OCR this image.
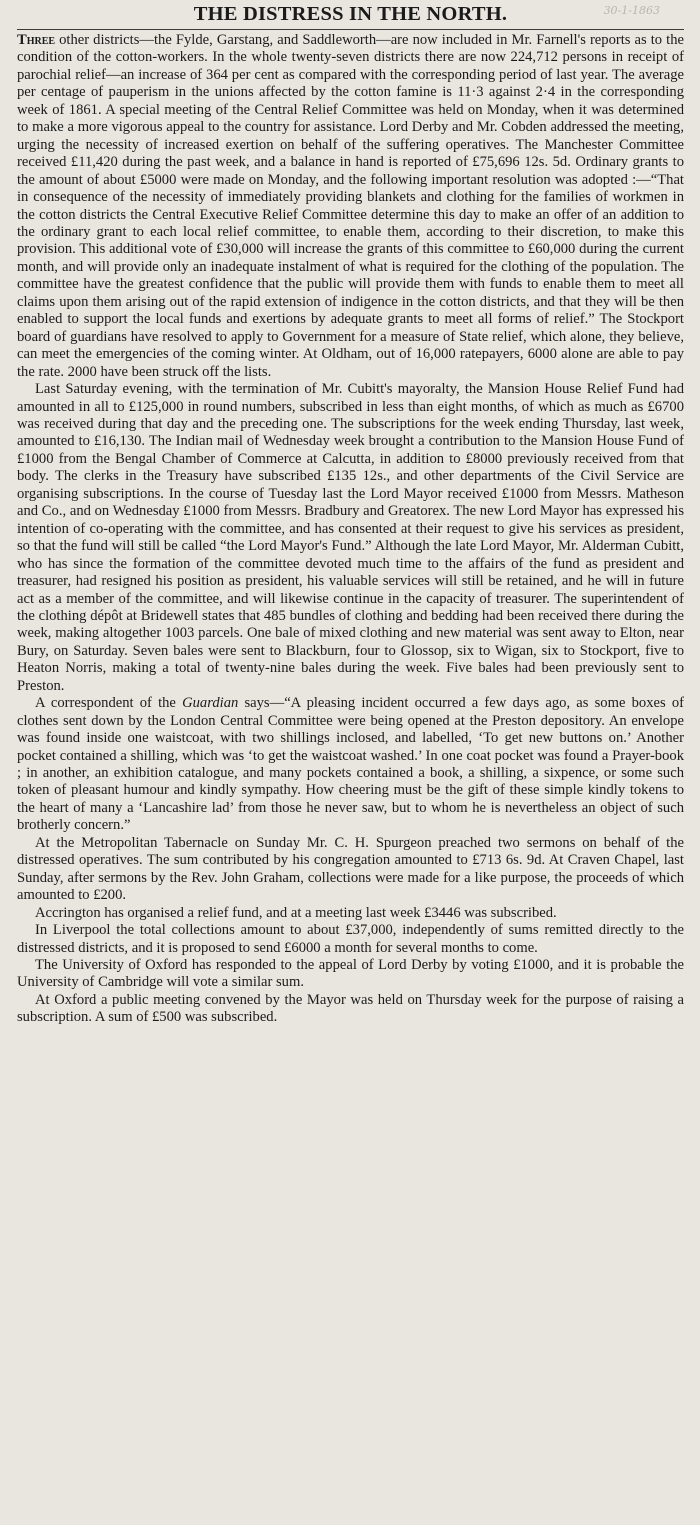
30-1-1863
THE DISTRESS IN THE NORTH.

Three other districts—the Fylde, Garstang, and Saddleworth—are now included in Mr. Farnell's reports as to the condition of the cotton-workers. In the whole twenty-seven districts there are now 224,712 persons in receipt of parochial relief—an increase of 364 per cent as compared with the corresponding period of last year. The average per centage of pauperism in the unions affected by the cotton famine is 11·3 against 2·4 in the corresponding week of 1861. A special meeting of the Central Relief Committee was held on Monday, when it was determined to make a more vigorous appeal to the country for assistance. Lord Derby and Mr. Cobden addressed the meeting, urging the necessity of increased exertion on behalf of the suffering operatives. The Manchester Committee received £11,420 during the past week, and a balance in hand is reported of £75,696 12s. 5d. Ordinary grants to the amount of about £5000 were made on Monday, and the following important resolution was adopted :—“That in consequence of the necessity of immediately providing blankets and clothing for the families of workmen in the cotton districts the Central Executive Relief Committee determine this day to make an offer of an addition to the ordinary grant to each local relief committee, to enable them, according to their discretion, to make this provision. This additional vote of £30,000 will increase the grants of this committee to £60,000 during the current month, and will provide only an inadequate instalment of what is required for the clothing of the population. The committee have the greatest confidence that the public will provide them with funds to enable them to meet all claims upon them arising out of the rapid extension of indigence in the cotton districts, and that they will be then enabled to support the local funds and exertions by adequate grants to meet all forms of relief.” The Stockport board of guardians have resolved to apply to Government for a measure of State relief, which alone, they believe, can meet the emergencies of the coming winter. At Oldham, out of 16,000 ratepayers, 6000 alone are able to pay the rate. 2000 have been struck off the lists.

Last Saturday evening, with the termination of Mr. Cubitt's mayoralty, the Mansion House Relief Fund had amounted in all to £125,000 in round numbers, subscribed in less than eight months, of which as much as £6700 was received during that day and the preceding one. The subscriptions for the week ending Thursday, last week, amounted to £16,130. The Indian mail of Wednesday week brought a contribution to the Mansion House Fund of £1000 from the Bengal Chamber of Commerce at Calcutta, in addition to £8000 previously received from that body. The clerks in the Treasury have subscribed £135 12s., and other departments of the Civil Service are organising subscriptions. In the course of Tuesday last the Lord Mayor received £1000 from Messrs. Matheson and Co., and on Wednesday £1000 from Messrs. Bradbury and Greatorex. The new Lord Mayor has expressed his intention of co-operating with the committee, and has consented at their request to give his services as president, so that the fund will still be called “the Lord Mayor's Fund.” Although the late Lord Mayor, Mr. Alderman Cubitt, who has since the formation of the committee devoted much time to the affairs of the fund as president and treasurer, had resigned his position as president, his valuable services will still be retained, and he will in future act as a member of the committee, and will likewise continue in the capacity of treasurer. The superintendent of the clothing dépôt at Bridewell states that 485 bundles of clothing and bedding had been received there during the week, making altogether 1003 parcels. One bale of mixed clothing and new material was sent away to Elton, near Bury, on Saturday. Seven bales were sent to Blackburn, four to Glossop, six to Wigan, six to Stockport, five to Heaton Norris, making a total of twenty-nine bales during the week. Five bales had been previously sent to Preston.

A correspondent of the Guardian says—“A pleasing incident occurred a few days ago, as some boxes of clothes sent down by the London Central Committee were being opened at the Preston depository. An envelope was found inside one waistcoat, with two shillings inclosed, and labelled, ‘To get new buttons on.’ Another pocket contained a shilling, which was ‘to get the waistcoat washed.’ In one coat pocket was found a Prayer-book ; in another, an exhibition catalogue, and many pockets contained a book, a shilling, a sixpence, or some such token of pleasant humour and kindly sympathy. How cheering must be the gift of these simple kindly tokens to the heart of many a ‘Lancashire lad’ from those he never saw, but to whom he is nevertheless an object of such brotherly concern.”

At the Metropolitan Tabernacle on Sunday Mr. C. H. Spurgeon preached two sermons on behalf of the distressed operatives. The sum contributed by his congregation amounted to £713 6s. 9d. At Craven Chapel, last Sunday, after sermons by the Rev. John Graham, collections were made for a like purpose, the proceeds of which amounted to £200.

Accrington has organised a relief fund, and at a meeting last week £3446 was subscribed.

In Liverpool the total collections amount to about £37,000, independently of sums remitted directly to the distressed districts, and it is proposed to send £6000 a month for several months to come.

The University of Oxford has responded to the appeal of Lord Derby by voting £1000, and it is probable the University of Cambridge will vote a similar sum.

At Oxford a public meeting convened by the Mayor was held on Thursday week for the purpose of raising a subscription. A sum of £500 was subscribed.
